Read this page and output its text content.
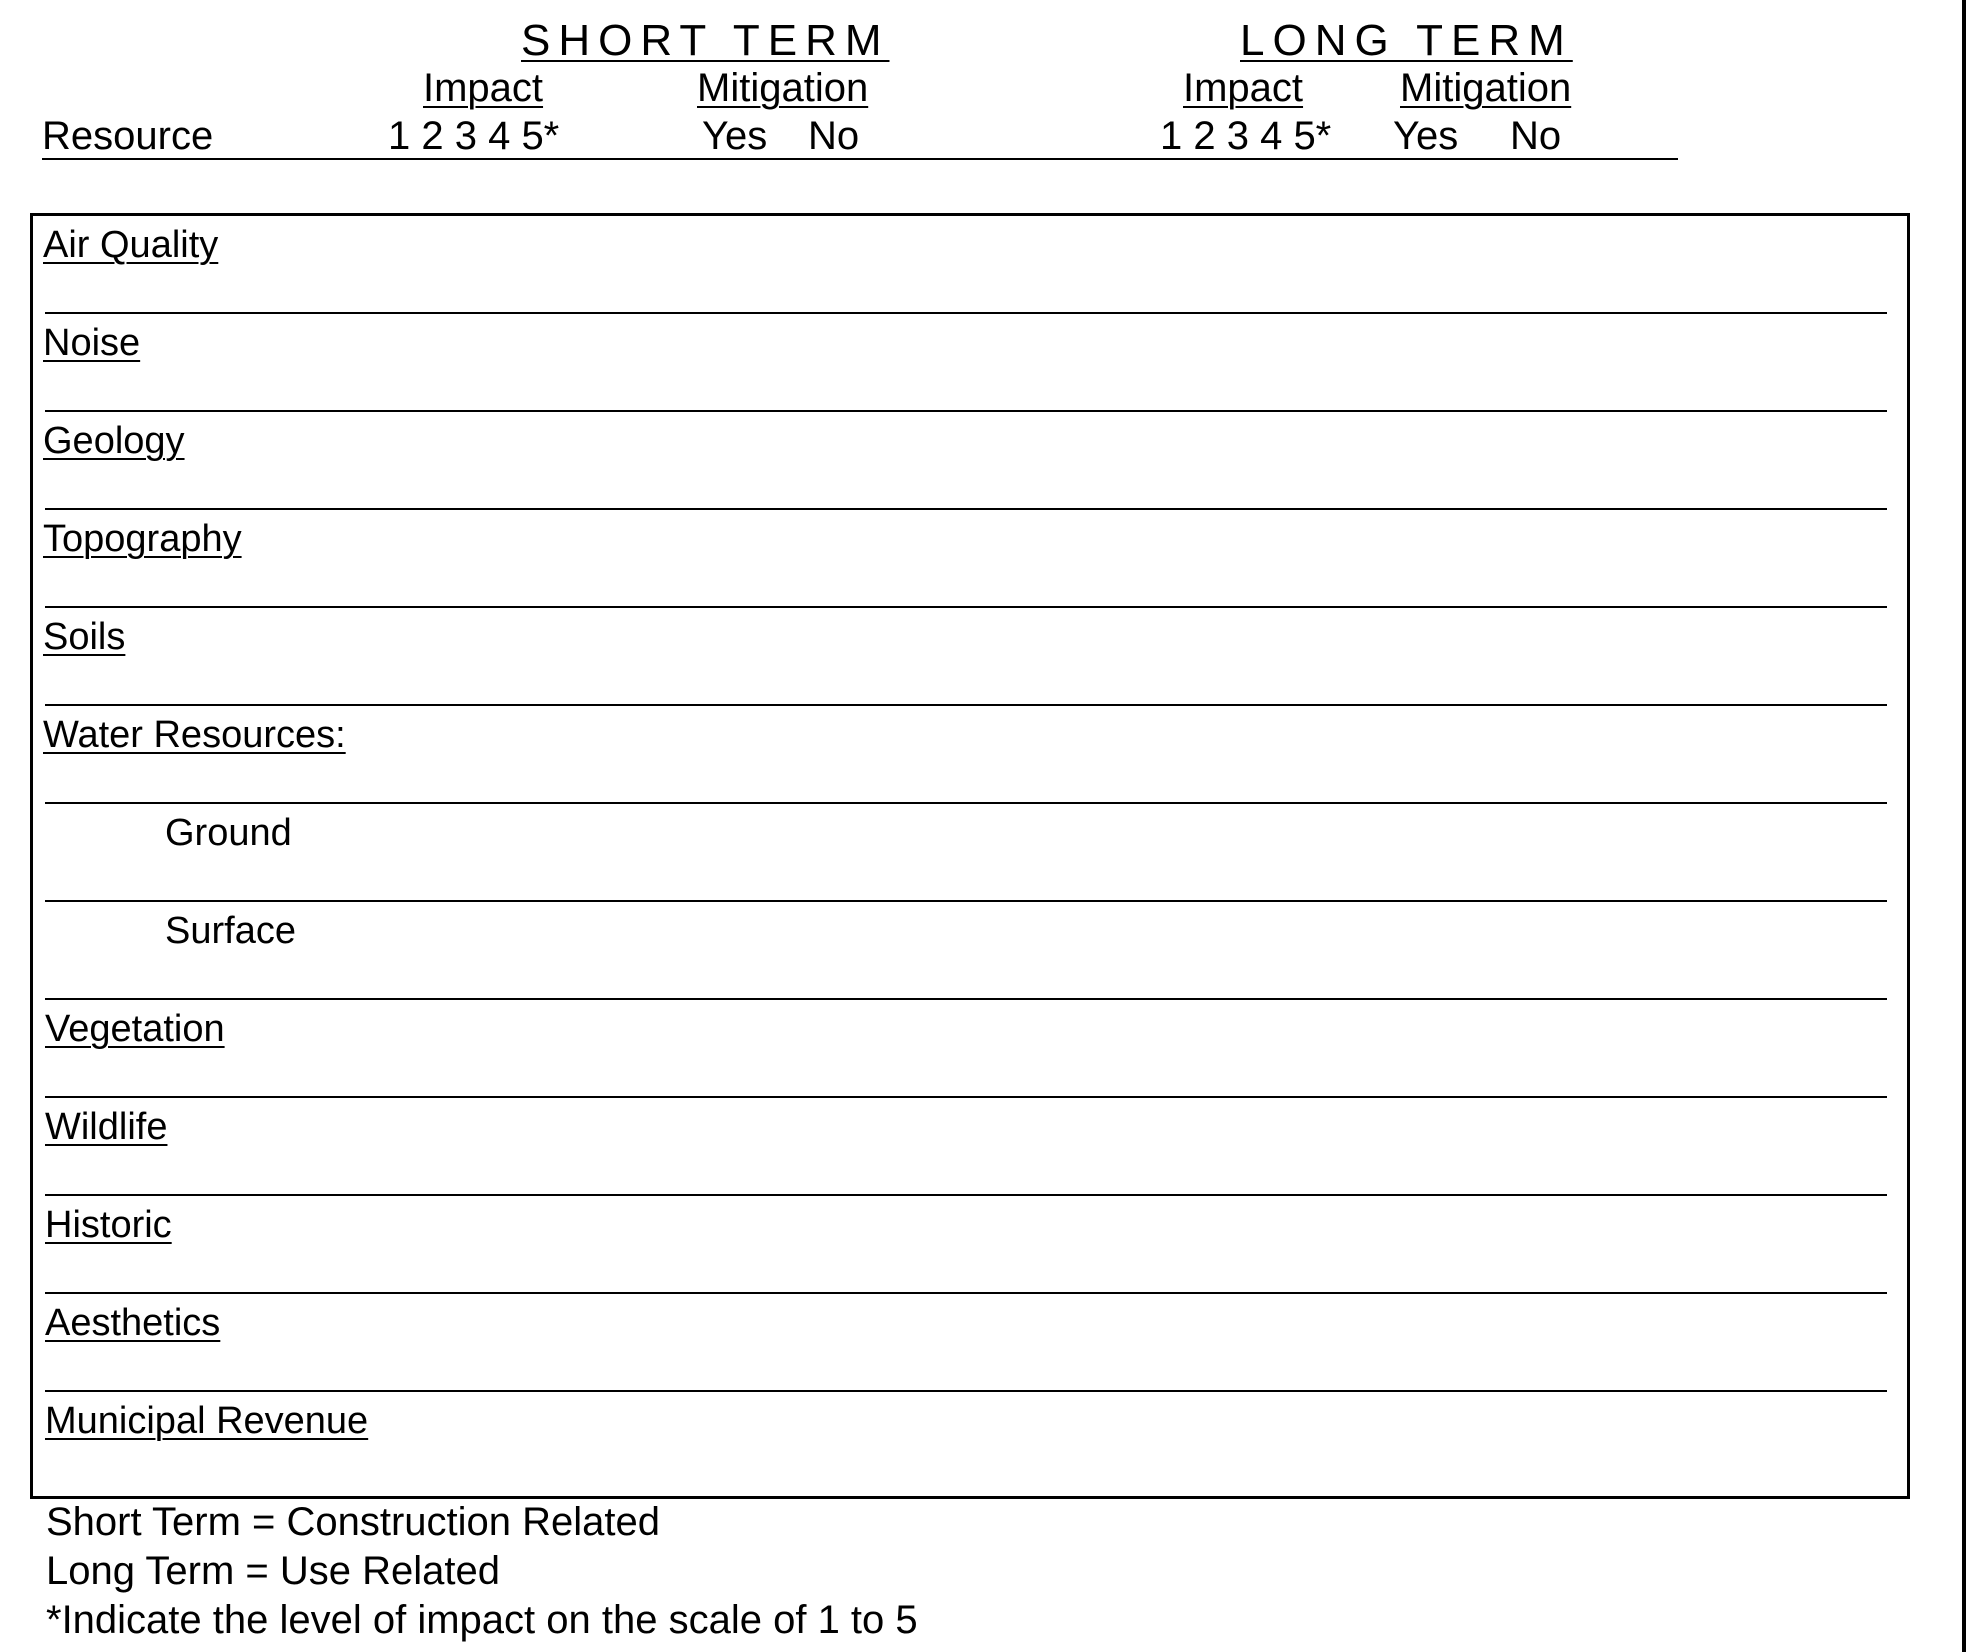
SHORT TERM	LONG TERM
Impact	Mitigation	Impact Mitigation
Resource	1 2 3 4 5*	Yes No	1 2 3 4 5* Yes No
Air Quality
Noise
Geology
Topography
Soils
Water Resources:
Ground
Surface
Vegetation
Wildlife
Historic
Aesthetics
Municipal Revenue
Short Term = Construction Related
Long Term = Use Related
*Indicate the level of impact on the scale of 1 to 5
